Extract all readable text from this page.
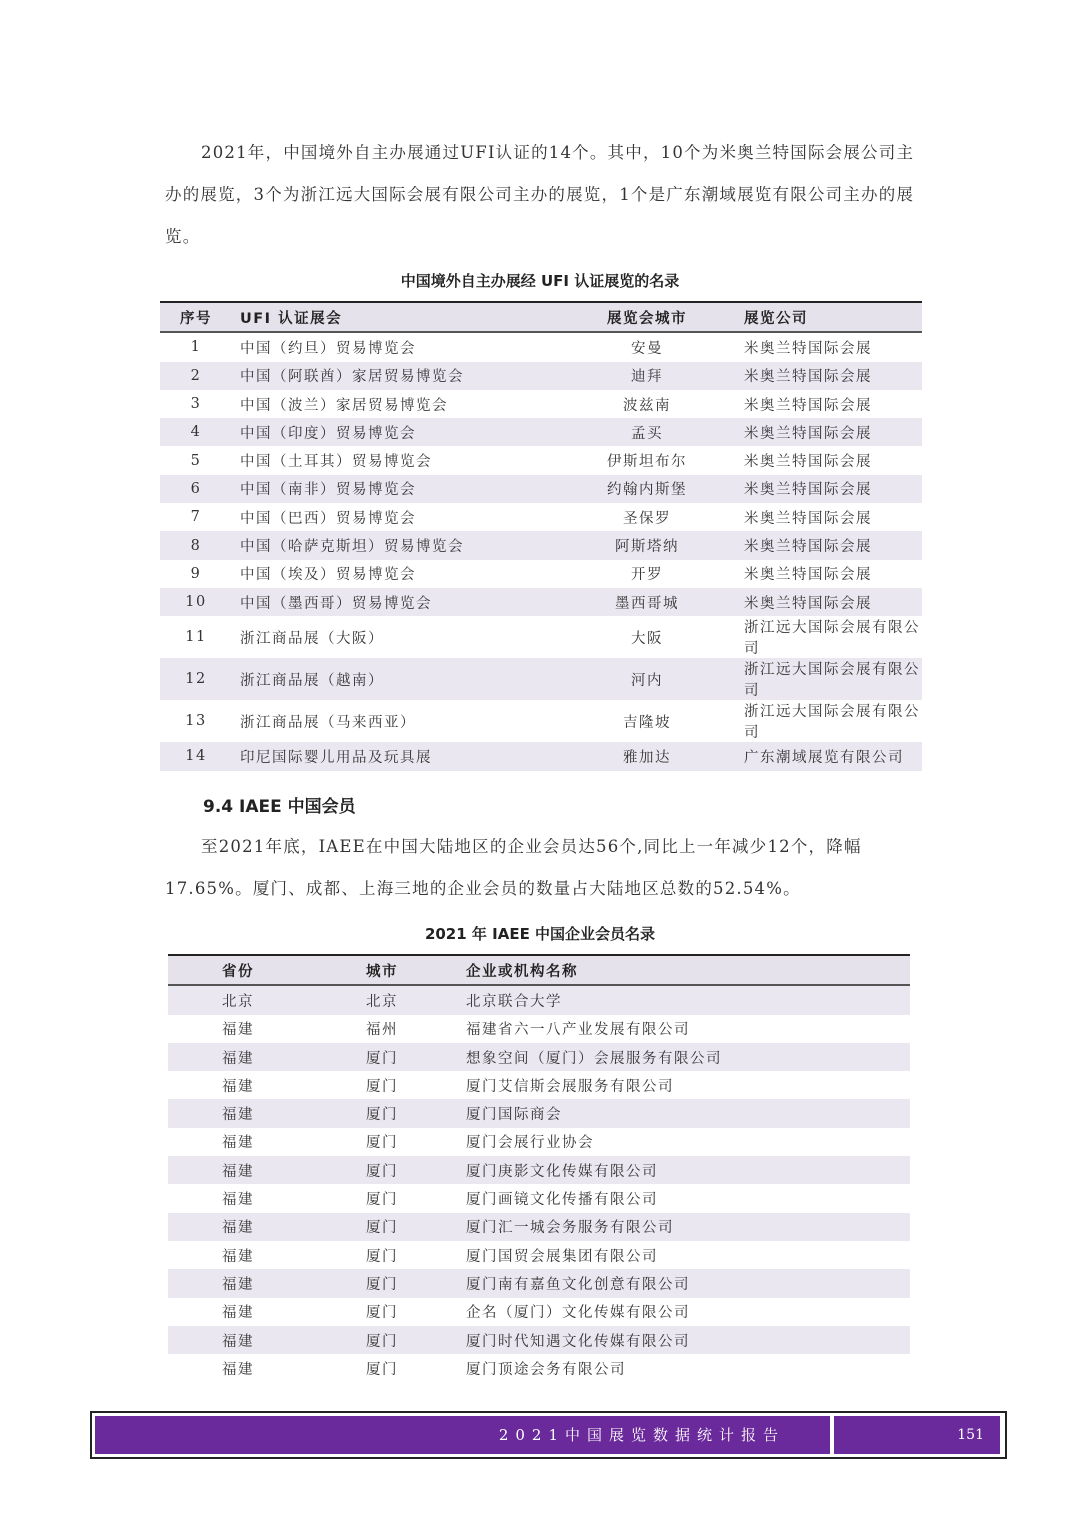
2021年，中国境外自主办展通过UFI认证的14个。其中，10个为米奥兰特国际会展公司主办的展览，3个为浙江远大国际会展有限公司主办的展览，1个是广东潮域展览有限公司主办的展览。

中国境外自主办展经 UFI 认证展览的名录
序号	UFI 认证展会	展览会城市	展览公司
1	中国（约旦）贸易博览会	安曼	米奥兰特国际会展
2	中国（阿联酋）家居贸易博览会	迪拜	米奥兰特国际会展
3	中国（波兰）家居贸易博览会	波兹南	米奥兰特国际会展
4	中国（印度）贸易博览会	孟买	米奥兰特国际会展
5	中国（土耳其）贸易博览会	伊斯坦布尔	米奥兰特国际会展
6	中国（南非）贸易博览会	约翰内斯堡	米奥兰特国际会展
7	中国（巴西）贸易博览会	圣保罗	米奥兰特国际会展
8	中国（哈萨克斯坦）贸易博览会	阿斯塔纳	米奥兰特国际会展
9	中国（埃及）贸易博览会	开罗	米奥兰特国际会展
10	中国（墨西哥）贸易博览会	墨西哥城	米奥兰特国际会展
11	浙江商品展（大阪）	大阪	浙江远大国际会展有限公司
12	浙江商品展（越南）	河内	浙江远大国际会展有限公司
13	浙江商品展（马来西亚）	吉隆坡	浙江远大国际会展有限公司
14	印尼国际婴儿用品及玩具展	雅加达	广东潮域展览有限公司
9.4 IAEE 中国会员

至2021年底，IAEE在中国大陆地区的企业会员达56个,同比上一年减少12个，降幅17.65%。厦门、成都、上海三地的企业会员的数量占大陆地区总数的52.54%。

2021 年 IAEE 中国企业会员名录
省份	城市	企业或机构名称
北京	北京	北京联合大学
福建	福州	福建省六一八产业发展有限公司
福建	厦门	想象空间（厦门）会展服务有限公司
福建	厦门	厦门艾信斯会展服务有限公司
福建	厦门	厦门国际商会
福建	厦门	厦门会展行业协会
福建	厦门	厦门庚影文化传媒有限公司
福建	厦门	厦门画镜文化传播有限公司
福建	厦门	厦门汇一城会务服务有限公司
福建	厦门	厦门国贸会展集团有限公司
福建	厦门	厦门南有嘉鱼文化创意有限公司
福建	厦门	企名（厦门）文化传媒有限公司
福建	厦门	厦门时代知遇文化传媒有限公司
福建	厦门	厦门顶途会务有限公司
2021中国展览数据统计报告	151
